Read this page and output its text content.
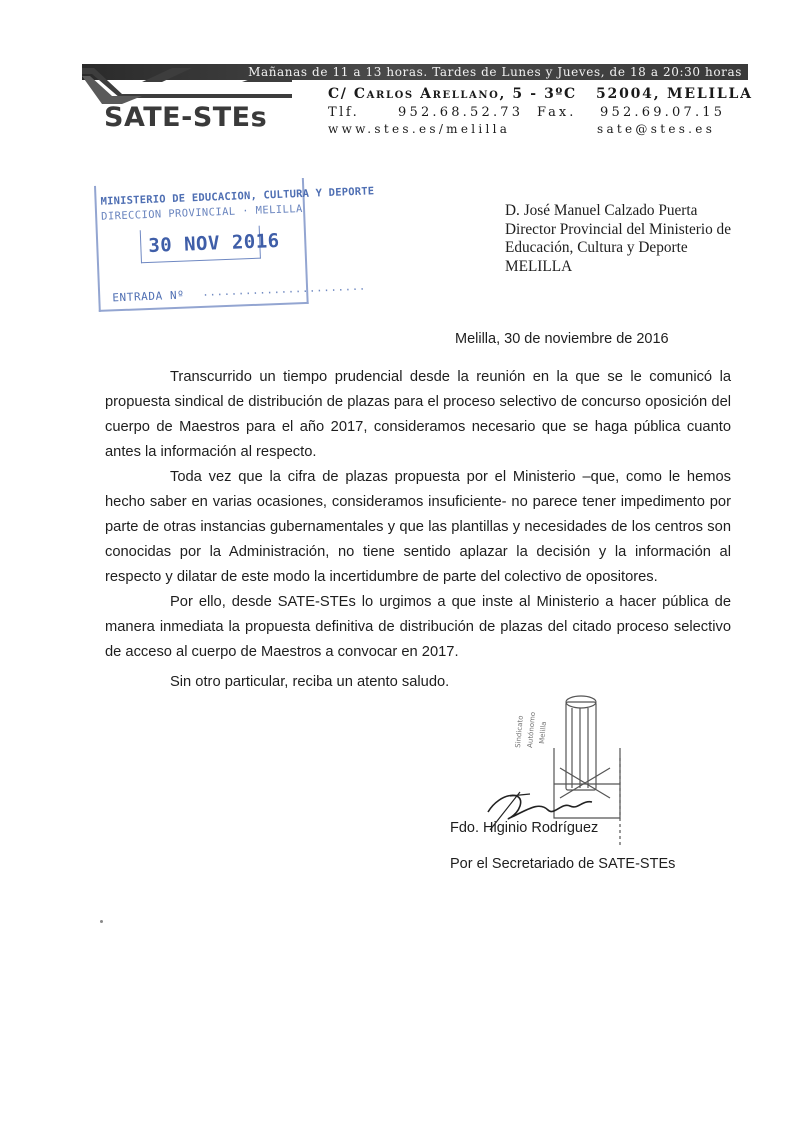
Mañanas de 11 a 13 horas. Tardes de Lunes y Jueves, de 18 a 20:30 horas
SATE-STEs
C/ Carlos Arellano, 5 - 3ºC 52004, MELILLA
Tlf.	952.68.52.73 Fax. 952.69.07.15
www.stes.es/melilla	sate@stes.es
MINISTERIO DE EDUCACION, CULTURA Y DEPORTE
DIRECCION PROVINCIAL · MELILLA
30 NOV 2016
ENTRADA Nº .......................
D. José Manuel Calzado Puerta
Director Provincial del Ministerio de
Educación, Cultura y Deporte
MELILLA
Melilla, 30 de noviembre de 2016

Transcurrido un tiempo prudencial desde la reunión en la que se le comunicó la propuesta sindical de distribución de plazas para el proceso selectivo de concurso oposición del cuerpo de Maestros para el año 2017, consideramos necesario que se haga pública cuanto antes la información al respecto.

Toda vez que la cifra de plazas propuesta por el Ministerio –que, como le hemos hecho saber en varias ocasiones, consideramos insuficiente- no parece tener impedimento por parte de otras instancias gubernamentales y que las plantillas y necesidades de los centros son conocidas por la Administración, no tiene sentido aplazar la decisión y la información al respecto y dilatar de este modo la incertidumbre de parte del colectivo de opositores.

Por ello, desde SATE-STEs lo urgimos a que inste al Ministerio a hacer pública de manera inmediata la propuesta definitiva de distribución de plazas del citado proceso selectivo de acceso al cuerpo de Maestros a convocar en 2017.

Sin otro particular, reciba un atento saludo.
Sindicato Autónomo Melilla
Fdo. Higinio Rodríguez
Por el Secretariado de SATE-STEs
